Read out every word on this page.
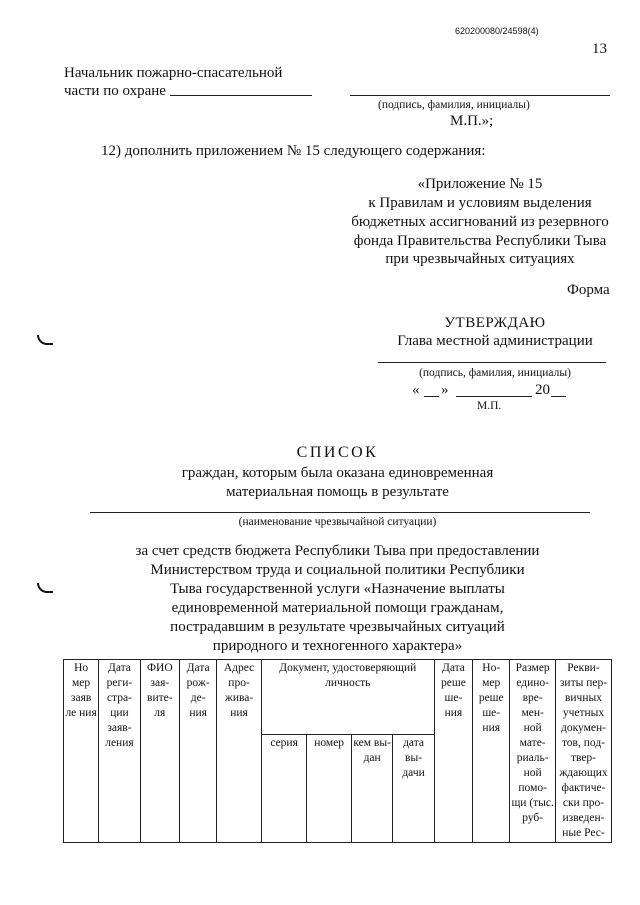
620200080/24598(4)
13
Начальник пожарно-спасательной
части по охране
(подпись, фамилия, инициалы)
М.П.»;
12) дополнить приложением № 15 следующего содержания:
«Приложение № 15
к Правилам и условиям выделения
бюджетных ассигнований из резервного
фонда Правительства Республики Тыва
при чрезвычайных ситуациях
Форма
УТВЕРЖДАЮ
Глава местной администрации
(подпись, фамилия, инициалы)
« »	20
М.П.
СПИСОК
граждан, которым была оказана единовременная
материальная помощь в результате
(наименование чрезвычайной ситуации)
за счет средств бюджета Республики Тыва при предоставлении
Министерством труда и социальной политики Республики
Тыва государственной услуги «Назначение выплаты
единовременной материальной помощи гражданам,
пострадавшим в результате чрезвычайных ситуаций
природного и техногенного характера»
Но мер заяв ле ния	Дата реги- стра- ции заяв- ления	ФИО зая- вите- ля	Дата рож- де- ния	Адрес про- жива- ния	Документ, удостоверяющий личность				Дата реше ше- ния	Но- мер реше ше- ния	Размер едино- вре- мен- ной мате- риаль- ной помо- щи (тыс. руб-	Рекви- зиты пер- вичных учетных докумен- тов, под- твер- ждающих фактиче- ски про- изведен- ные Рес-
					серия	номер	кем вы- дан	дата вы- дачи				
